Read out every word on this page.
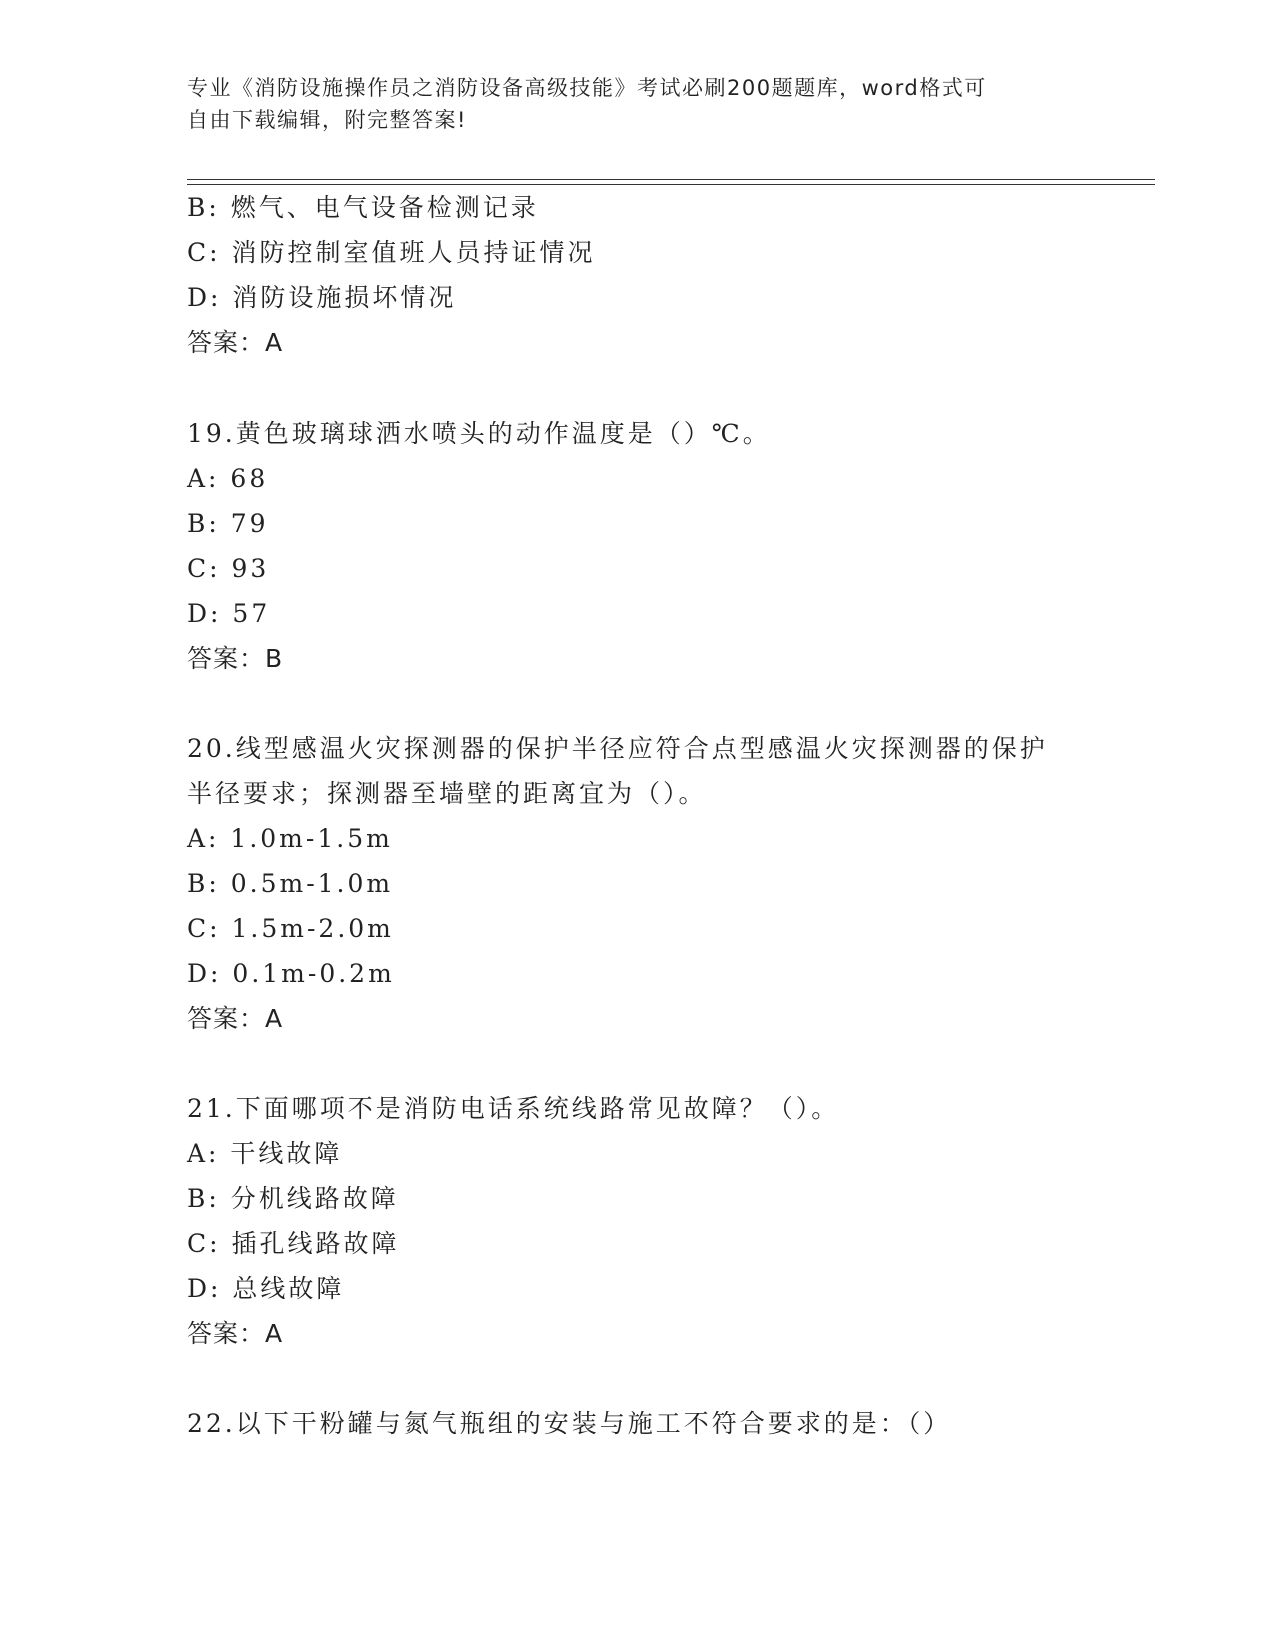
专业《消防设施操作员之消防设备高级技能》考试必刷200题题库，word格式可
自由下载编辑，附完整答案!
B: 燃气、电气设备检测记录
C: 消防控制室值班人员持证情况
D: 消防设施损坏情况
答案：A
19.黄色玻璃球洒水喷头的动作温度是（）℃。
A: 68
B: 79
C: 93
D: 57
答案：B
20.线型感温火灾探测器的保护半径应符合点型感温火灾探测器的保护
半径要求；探测器至墙壁的距离宜为（）。
A: 1.0m-1.5m
B: 0.5m-1.0m
C: 1.5m-2.0m
D: 0.1m-0.2m
答案：A
21.下面哪项不是消防电话系统线路常见故障？（）。
A: 干线故障
B: 分机线路故障
C: 插孔线路故障
D: 总线故障
答案：A
22.以下干粉罐与氮气瓶组的安装与施工不符合要求的是：（）
